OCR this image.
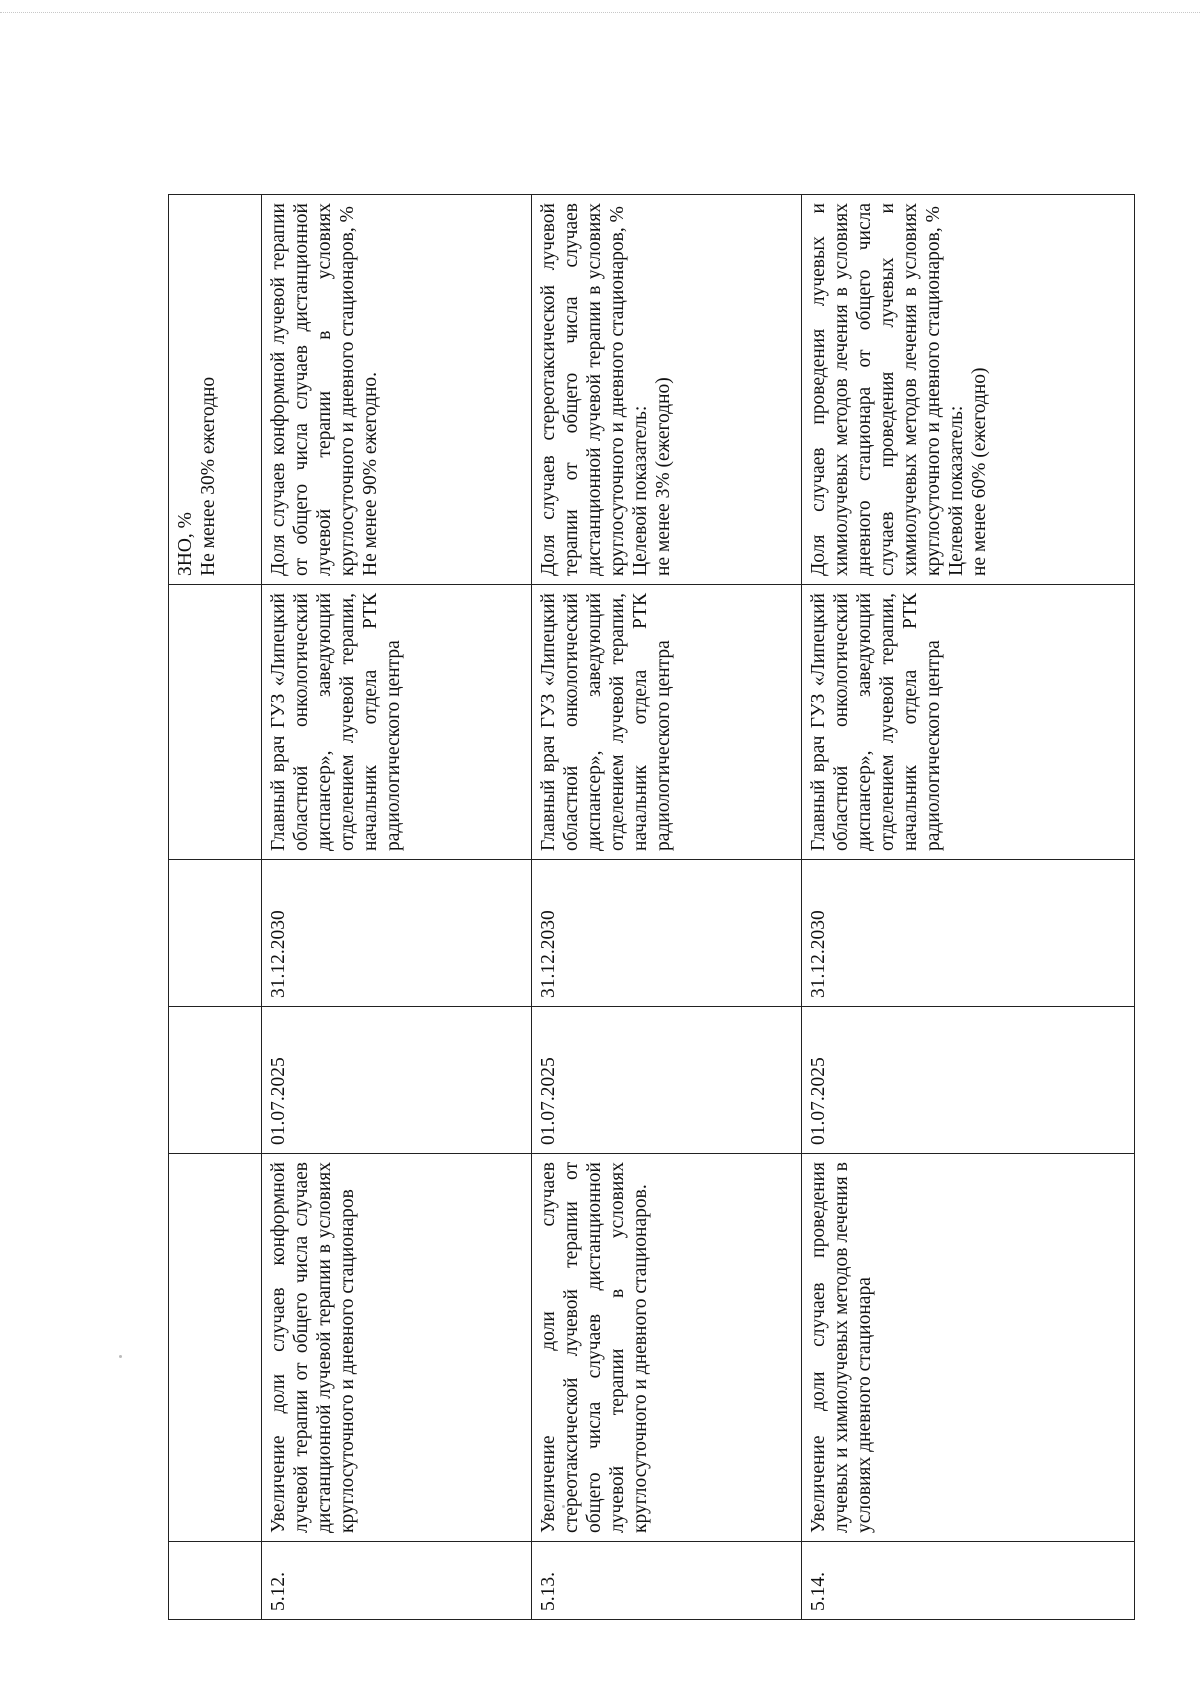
					ЗНО, %
Не менее 30% ежегодно
5.12.	Увеличение доли случаев конформной лучевой терапии от общего числа случаев дистанционной лучевой терапии в условиях круглосуточного и дневного стационаров	01.07.2025	31.12.2030	Главный врач ГУЗ «Липецкий областной онкологический диспансер», заведующий отделением лучевой терапии, начальник отдела РТК радиологического центра	Доля случаев конформной лучевой терапии от общего числа случаев дистанционной лучевой терапии в условиях круглосуточного и дневного стационаров, %
Не менее 90% ежегодно.
5.13.	Увеличение доли случаев стереотаксической лучевой терапии от общего числа случаев дистанционной лучевой терапии в условиях круглосуточного и дневного стационаров.	01.07.2025	31.12.2030	Главный врач ГУЗ «Липецкий областной онкологический диспансер», заведующий отделением лучевой терапии, начальник отдела РТК радиологического центра	Доля случаев стереотаксической лучевой терапии от общего числа случаев дистанционной лучевой терапии в условиях круглосуточного и дневного стационаров, %
Целевой показатель:
не менее 3% (ежегодно)
5.14.	Увеличение доли случаев проведения лучевых и химиолучевых методов лечения в условиях дневного стационара	01.07.2025	31.12.2030	Главный врач ГУЗ «Липецкий областной онкологический диспансер», заведующий отделением лучевой терапии, начальник отдела РТК радиологического центра	Доля случаев проведения лучевых и химиолучевых методов лечения в условиях дневного стационара от общего числа случаев проведения лучевых и химиолучевых методов лечения в условиях круглосуточного и дневного стационаров, %
Целевой показатель:
не менее 60% (ежегодно)
